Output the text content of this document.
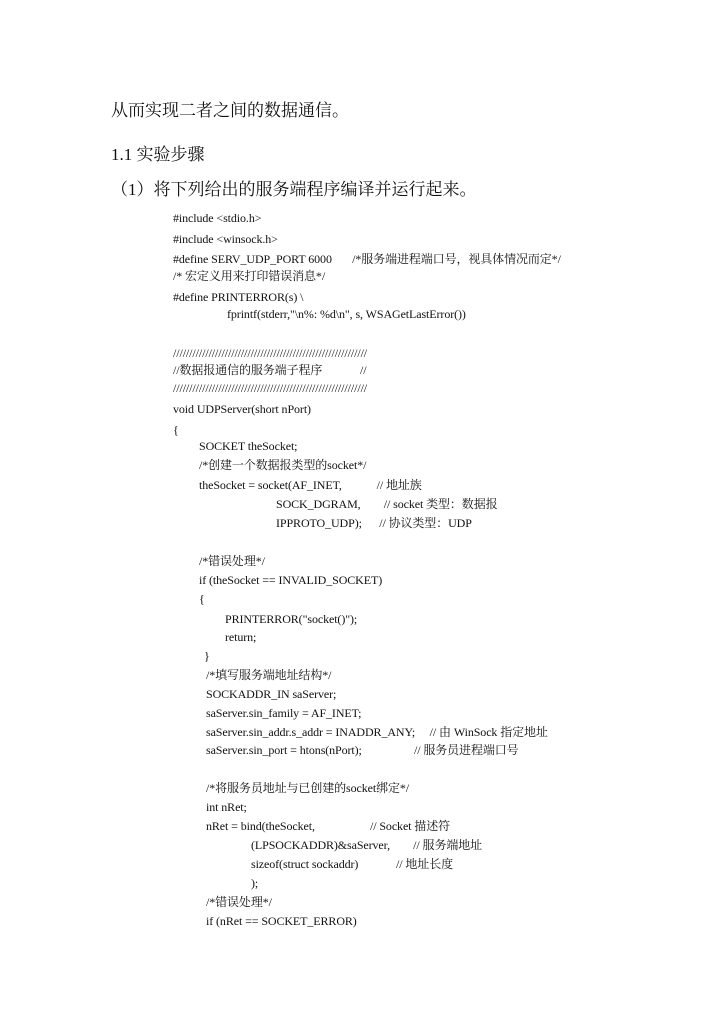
从而实现二者之间的数据通信。
1.1 实验步骤
（1）将下列给出的服务端程序编译并运行起来。
#include <stdio.h>
#include <winsock.h>
#define SERV_UDP_PORT 6000       /*服务端进程端口号，视具体情况而定*/
/* 宏定义用来打印错误消息*/
#define PRINTERROR(s) \
fprintf(stderr,"\n%: %d\n", s, WSAGetLastError())
////////////////////////////////////////////////////////////
//数据报通信的服务端子程序             //
////////////////////////////////////////////////////////////
void UDPServer(short nPort)
{
SOCKET theSocket;
/*创建一个数据报类型的socket*/
theSocket = socket(AF_INET,            // 地址族
SOCK_DGRAM,        // socket 类型：数据报
IPPROTO_UDP);      // 协议类型：UDP
/*错误处理*/
if (theSocket == INVALID_SOCKET)
{
PRINTERROR("socket()");
return;
}
/*填写服务端地址结构*/
SOCKADDR_IN saServer;
saServer.sin_family = AF_INET;
saServer.sin_addr.s_addr = INADDR_ANY;     // 由 WinSock 指定地址
saServer.sin_port = htons(nPort);                  // 服务员进程端口号
/*将服务员地址与已创建的socket绑定*/
int nRet;
nRet = bind(theSocket,                   // Socket 描述符
(LPSOCKADDR)&saServer,        // 服务端地址
sizeof(struct sockaddr)             // 地址长度
);
/*错误处理*/
if (nRet == SOCKET_ERROR)
